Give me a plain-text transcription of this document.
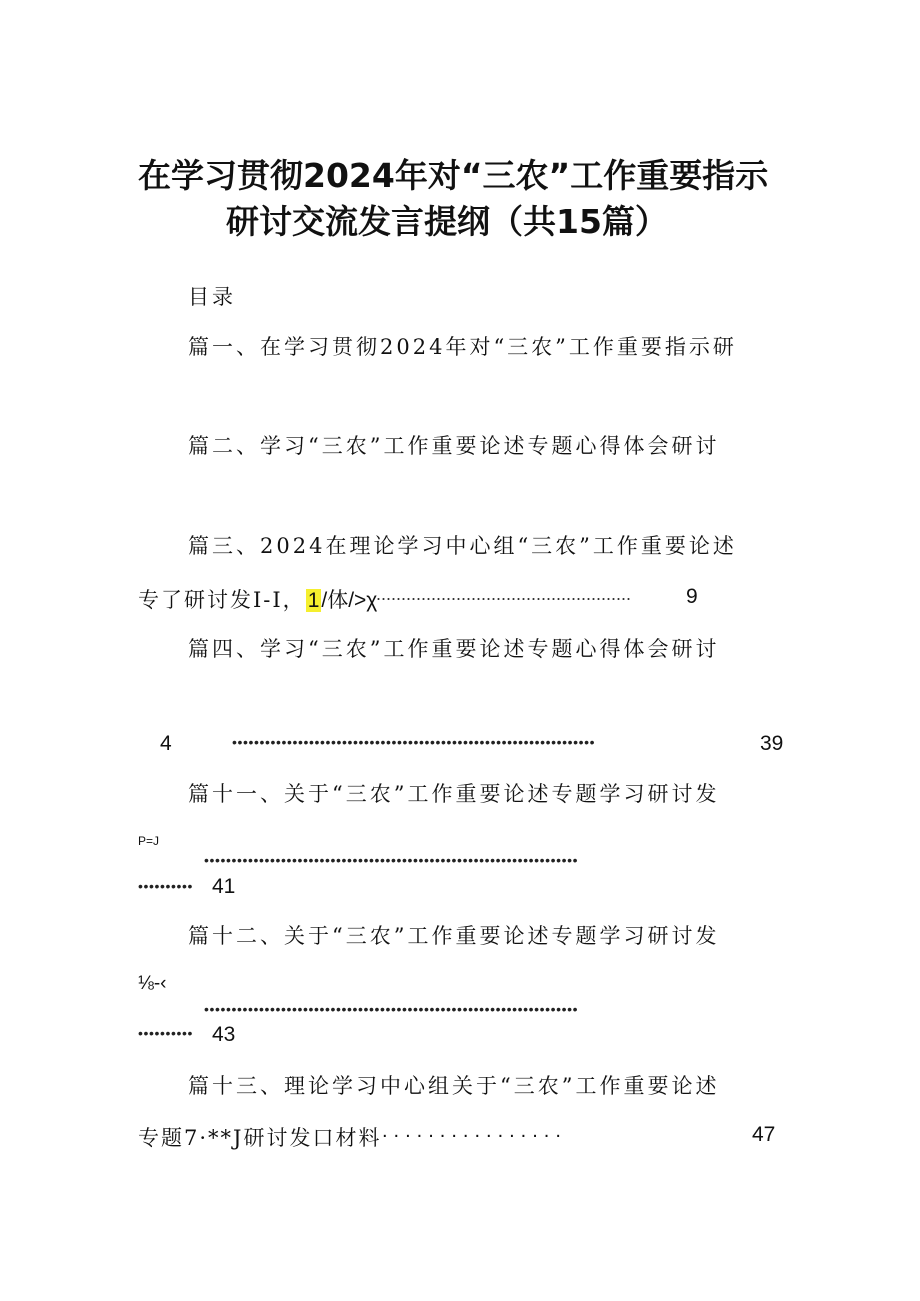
在学习贯彻2024年对“三农”工作重要指示
研讨交流发言提纲（共15篇）
目录
篇一、在学习贯彻2024年对“三农”工作重要指示研
篇二、学习“三农”工作重要论述专题心得体会研讨
篇三、2024在理论学习中心组“三农”工作重要论述
专了研讨发I-I，1/体/>χ
...................................................	9
篇四、学习“三农”工作重要论述专题心得体会研讨
4	••••••••••••••••••••••••••••••••••••••••••••••••••••••••••••••••••	39
篇十一、关于“三农”工作重要论述专题学习研讨发
P=J
••••••••••••••••••••••••••••••••••••••••••••••••••••••••••••••••••••
•••••••••• 41
篇十二、关于“三农”工作重要论述专题学习研讨发
⅛-‹
••••••••••••••••••••••••••••••••••••••••••••••••••••••••••••••••••••
•••••••••• 43
篇十三、理论学习中心组关于“三农”工作重要论述
专题7·**J研讨发口材料 ................	47
